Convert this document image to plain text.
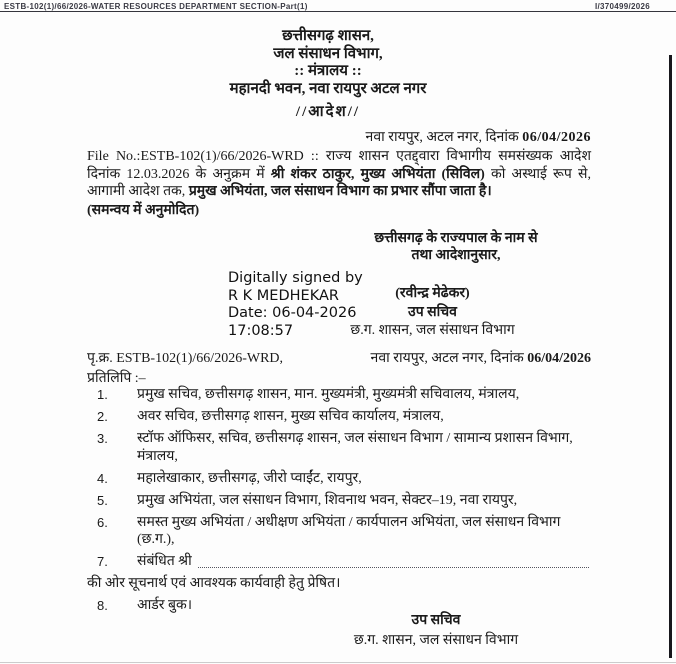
ESTB-102(1)/66/2026-WATER RESOURCES DEPARTMENT SECTION-Part(1)	I/370499/2026
छत्तीसगढ़ शासन,
जल संसाधन विभाग,
:: मंत्रालय ::
महानदी भवन, नवा रायपुर अटल नगर
//आदेश//
नवा रायपुर, अटल नगर, दिनांक 06/04/2026
File No.:ESTB-102(1)/66/2026-WRD :: राज्य शासन एतद्द्वारा विभागीय समसंख्यक आदेश दिनांक 12.03.2026 के अनुक्रम में श्री शंकर ठाकुर, मुख्य अभियंता (सिविल) को अस्थाई रूप से, आगामी आदेश तक, प्रमुख अभियंता, जल संसाधन विभाग का प्रभार सौंपा जाता है।
(समन्वय में अनुमोदित)
छत्तीसगढ़ के राज्यपाल के नाम से
तथा आदेशानुसार,
Digitally signed by
R K MEDHEKAR
Date: 06-04-2026
17:08:57
(रवीन्द्र मेढेकर)
उप सचिव
छ.ग. शासन, जल संसाधन विभाग
पृ.क्र. ESTB-102(1)/66/2026-WRD,	नवा रायपुर, अटल नगर, दिनांक 06/04/2026
प्रतिलिपि :–
1.	प्रमुख सचिव, छत्तीसगढ़ शासन, मान. मुख्यमंत्री, मुख्यमंत्री सचिवालय, मंत्रालय,
2.	अवर सचिव, छत्तीसगढ़ शासन, मुख्य सचिव कार्यालय, मंत्रालय,
3.	स्टॉफ ऑफिसर, सचिव, छत्तीसगढ़ शासन, जल संसाधन विभाग / सामान्य प्रशासन विभाग, मंत्रालय,
4.	महालेखाकार, छत्तीसगढ़, जीरो प्वाईंट, रायपुर,
5.	प्रमुख अभियंता, जल संसाधन विभाग, शिवनाथ भवन, सेक्टर–19, नवा रायपुर,
6.	समस्त मुख्य अभियंता / अधीक्षण अभियंता / कार्यपालन अभियंता, जल संसाधन विभाग (छ.ग.),
7.	संबंधित श्री
की ओर सूचनार्थ एवं आवश्यक कार्यवाही हेतु प्रेषित।
8.	आर्डर बुक।
उप सचिव
छ.ग. शासन, जल संसाधन विभाग
